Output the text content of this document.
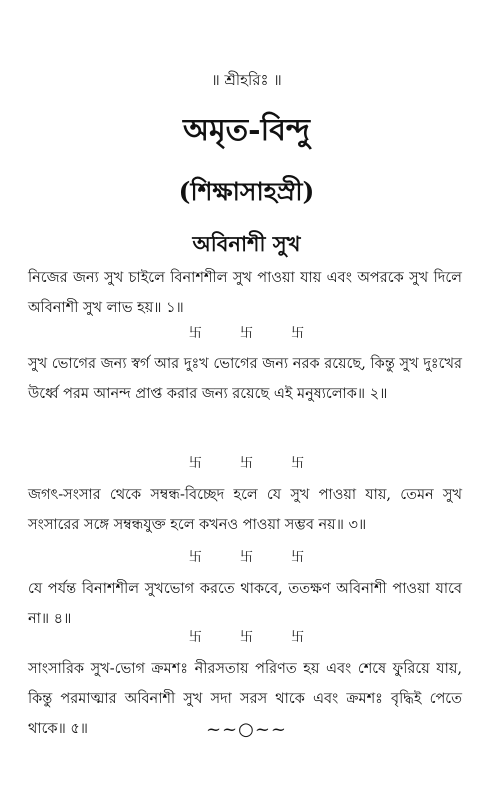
॥ শ্রীহরিঃ ॥
অমৃত-বিন্দু
(শিক্ষাসাহস্ৰী)
অবিনাশী সুখ

নিজের জন্য সুখ চাইলে বিনাশশীল সুখ পাওয়া যায় এবং অপরকে সুখ দিলে অবিনাশী সুখ লাভ হয়॥ ১॥

卐	卐	卐

সুখ ভোগের জন্য স্বর্গ আর দুঃখ ভোগের জন্য নরক রয়েছে, কিন্তু সুখ দুঃখের উর্ধ্বে পরম আনন্দ প্রাপ্ত করার জন্য রয়েছে এই মনুষ্যলোক॥ ২॥

卐	卐	卐

জগৎ-সংসার থেকে সম্বন্ধ-বিচ্ছেদ হলে যে সুখ পাওয়া যায়, তেমন সুখ সংসারের সঙ্গে সম্বন্ধযুক্ত হলে কখনও পাওয়া সম্ভব নয়॥ ৩॥

卐	卐	卐

যে পর্যন্ত বিনাশশীল সুখভোগ করতে থাকবে, ততক্ষণ অবিনাশী পাওয়া যাবে না॥ ৪॥

卐	卐	卐

সাংসারিক সুখ-ভোগ ক্রমশঃ নীরসতায় পরিণত হয় এবং শেষে ফুরিয়ে যায়, কিন্তু পরমাত্মার অবিনাশী সুখ সদা সরস থাকে এবং ক্রমশঃ বৃদ্ধিই পেতে থাকে॥ ৫॥	~~○~~
